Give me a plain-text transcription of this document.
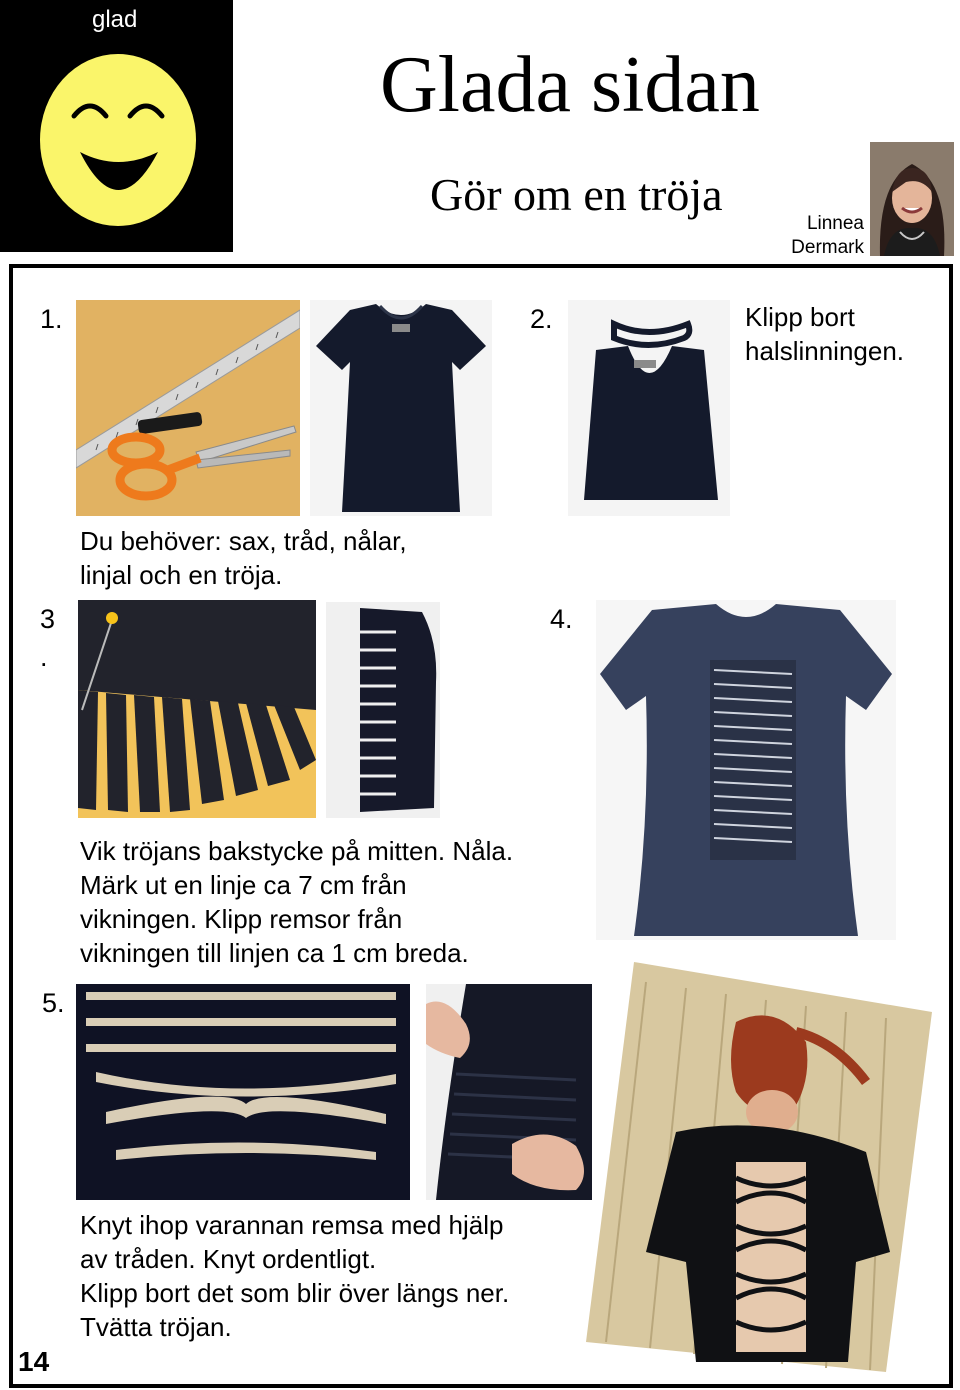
glad
Glada sidan
Gör om en tröja
Linnea
Dermark
1.	2.
3
.
4.
5.
Klipp bort
halslinningen.
Du behöver: sax, tråd, nålar,
linjal och en tröja.
Vik tröjans bakstycke på mitten. Nåla.
Märk ut en linje ca 7 cm från
vikningen. Klipp remsor från
vikningen till linjen ca 1 cm breda.
Knyt ihop varannan remsa med hjälp
av tråden. Knyt ordentligt.
Klipp bort det som blir över längs ner.
Tvätta tröjan.
14
